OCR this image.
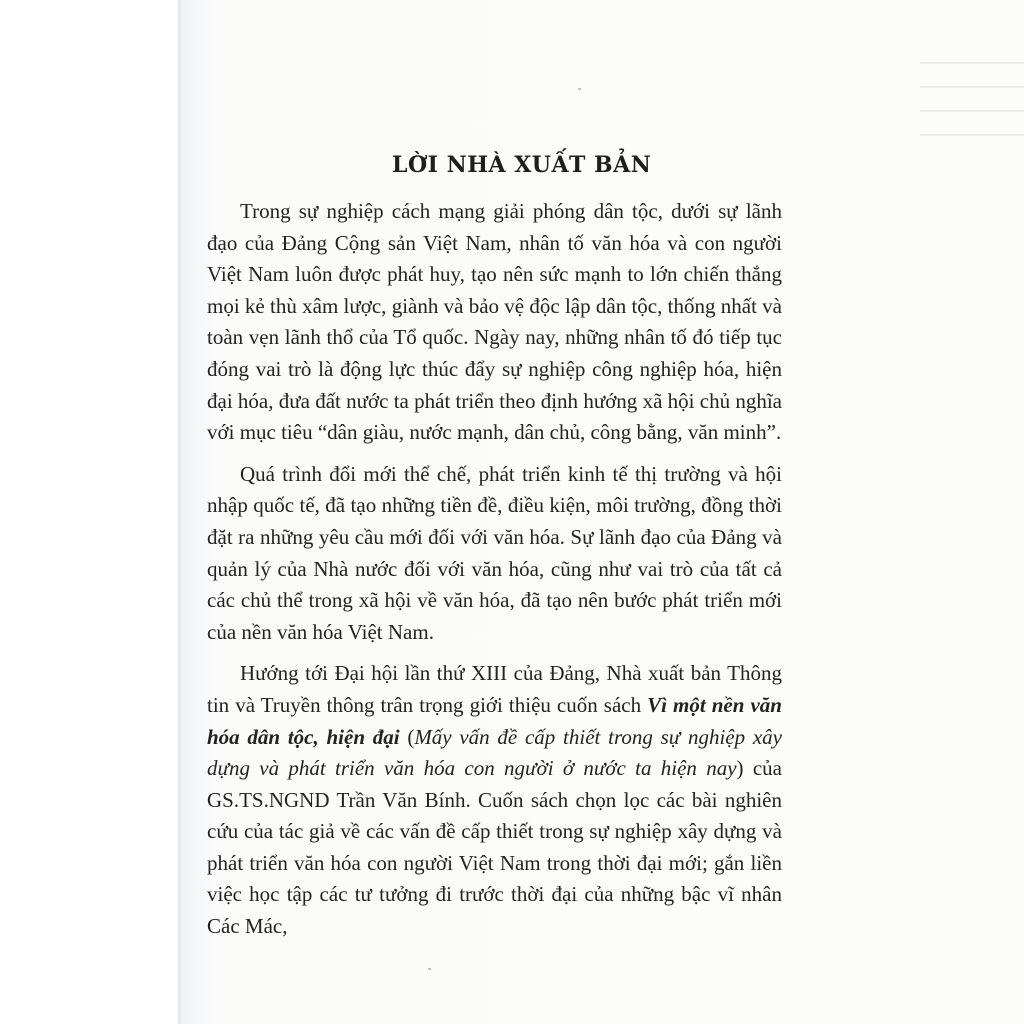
LỜI NHÀ XUẤT BẢN

Trong sự nghiệp cách mạng giải phóng dân tộc, dưới sự lãnh đạo của Đảng Cộng sản Việt Nam, nhân tố văn hóa và con người Việt Nam luôn được phát huy, tạo nên sức mạnh to lớn chiến thắng mọi kẻ thù xâm lược, giành và bảo vệ độc lập dân tộc, thống nhất và toàn vẹn lãnh thổ của Tổ quốc. Ngày nay, những nhân tố đó tiếp tục đóng vai trò là động lực thúc đẩy sự nghiệp công nghiệp hóa, hiện đại hóa, đưa đất nước ta phát triển theo định hướng xã hội chủ nghĩa với mục tiêu “dân giàu, nước mạnh, dân chủ, công bằng, văn minh”.

Quá trình đổi mới thể chế, phát triển kinh tế thị trường và hội nhập quốc tế, đã tạo những tiền đề, điều kiện, môi trường, đồng thời đặt ra những yêu cầu mới đối với văn hóa. Sự lãnh đạo của Đảng và quản lý của Nhà nước đối với văn hóa, cũng như vai trò của tất cả các chủ thể trong xã hội về văn hóa, đã tạo nên bước phát triển mới của nền văn hóa Việt Nam.

Hướng tới Đại hội lần thứ XIII của Đảng, Nhà xuất bản Thông tin và Truyền thông trân trọng giới thiệu cuốn sách Vì một nền văn hóa dân tộc, hiện đại (Mấy vấn đề cấp thiết trong sự nghiệp xây dựng và phát triển văn hóa con người ở nước ta hiện nay) của GS.TS.NGND Trần Văn Bính. Cuốn sách chọn lọc các bài nghiên cứu của tác giả về các vấn đề cấp thiết trong sự nghiệp xây dựng và phát triển văn hóa con người Việt Nam trong thời đại mới; gắn liền việc học tập các tư tưởng đi trước thời đại của những bậc vĩ nhân Các Mác,
